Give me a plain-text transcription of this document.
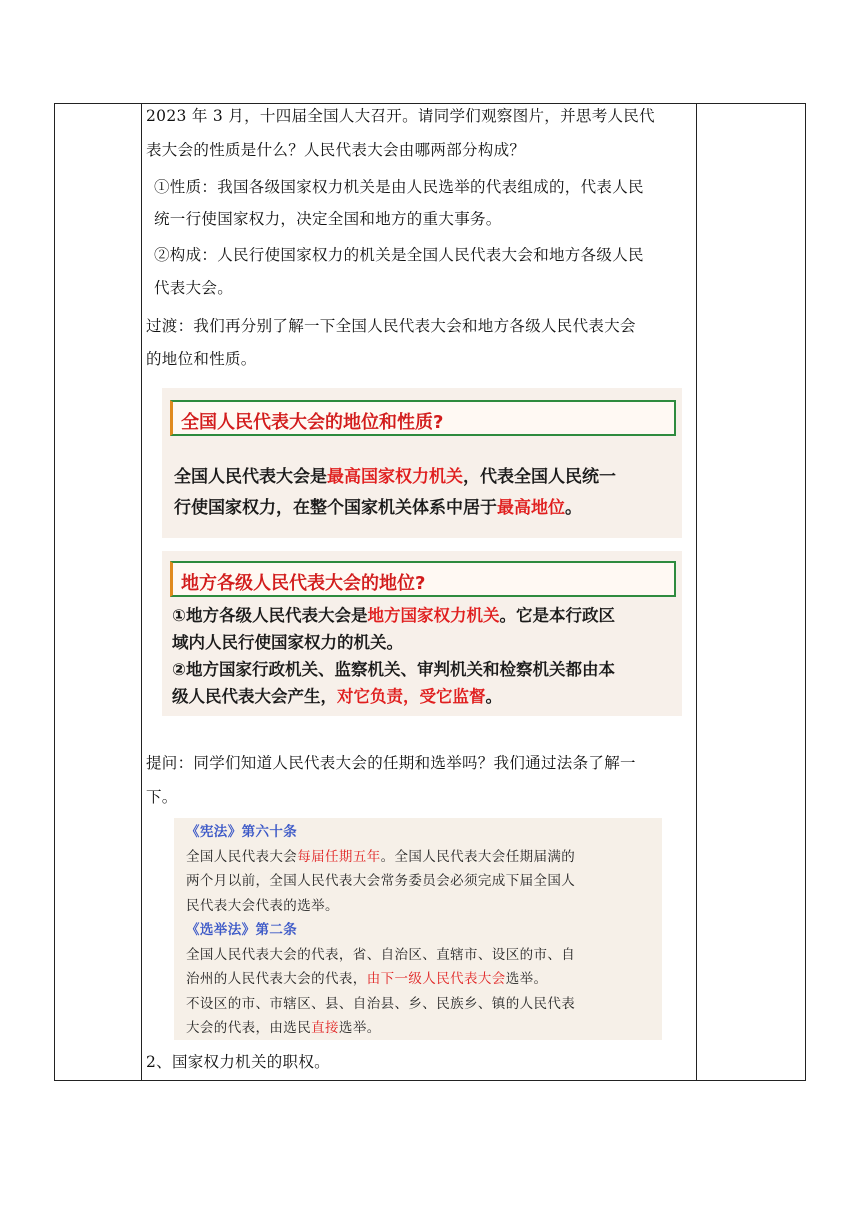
2023 年 3 月，十四届全国人大召开。请同学们观察图片，并思考人民代
表大会的性质是什么？人民代表大会由哪两部分构成？
①性质：我国各级国家权力机关是由人民选举的代表组成的，代表人民
统一行使国家权力，决定全国和地方的重大事务。
②构成：人民行使国家权力的机关是全国人民代表大会和地方各级人民
代表大会。
过渡：我们再分别了解一下全国人民代表大会和地方各级人民代表大会
的地位和性质。
全国人民代表大会的地位和性质?
全国人民代表大会是最高国家权力机关，代表全国人民统一
行使国家权力，在整个国家机关体系中居于最高地位。
地方各级人民代表大会的地位?
①地方各级人民代表大会是地方国家权力机关。它是本行政区
域内人民行使国家权力的机关。
②地方国家行政机关、监察机关、审判机关和检察机关都由本
级人民代表大会产生，对它负责，受它监督。
提问：同学们知道人民代表大会的任期和选举吗？我们通过法条了解一
下。
《宪法》第六十条
全国人民代表大会每届任期五年。全国人民代表大会任期届满的
两个月以前，全国人民代表大会常务委员会必须完成下届全国人
民代表大会代表的选举。
《选举法》第二条
全国人民代表大会的代表，省、自治区、直辖市、设区的市、自
治州的人民代表大会的代表，由下一级人民代表大会选举。
不设区的市、市辖区、县、自治县、乡、民族乡、镇的人民代表
大会的代表，由选民直接选举。
2、国家权力机关的职权。
